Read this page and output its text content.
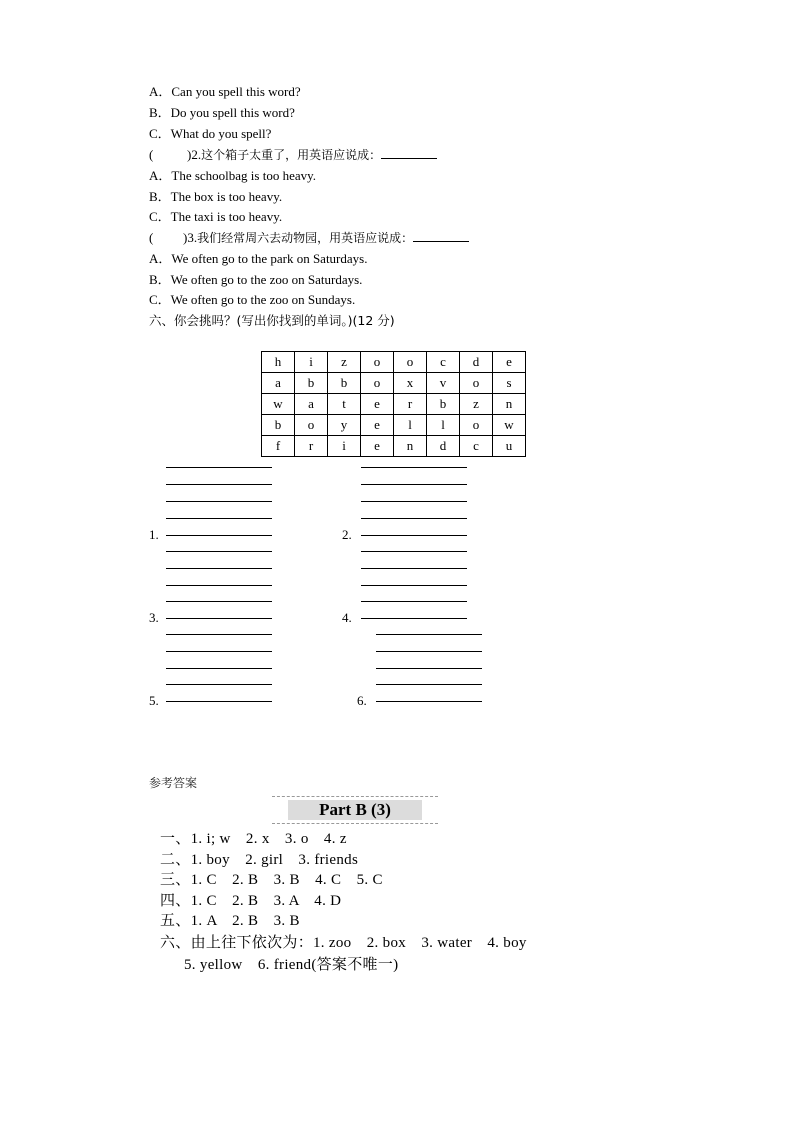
A．Can you spell this word?
B．Do you spell this word?
C．What do you spell?
(	)2.这个箱子太重了，用英语应说成：
A．The schoolbag is too heavy.
B．The box is too heavy.
C．The taxi is too heavy.
( )3.我们经常周六去动物园，用英语应说成：
A．We often go to the park on Saturdays.
B．We often go to the zoo on Saturdays.
C．We often go to the zoo on Sundays.
六、你会挑吗？(写出你找到的单词。)(12 分)
h	i	z	o	o	c	d	e
a	b	b	o	x	v	o	s
w	a	t	e	r	b	z	n
b	o	y	e	l	l	o	w
f	r	i	e	n	d	c	u
1.	2.
3.	4.
5.	6.
参考答案
Part B (3)
一、1. i; w　2. x　3. o　4. z
二、1. boy　2. girl　3. friends
三、1. C　2. B　3. B　4. C　5. C
四、1. C　2. B　3. A　4. D
五、1. A　2. B　3. B
六、由上往下依次为：1. zoo　2. box　3. water　4. boy
5. yellow　6. friend(答案不唯一)
